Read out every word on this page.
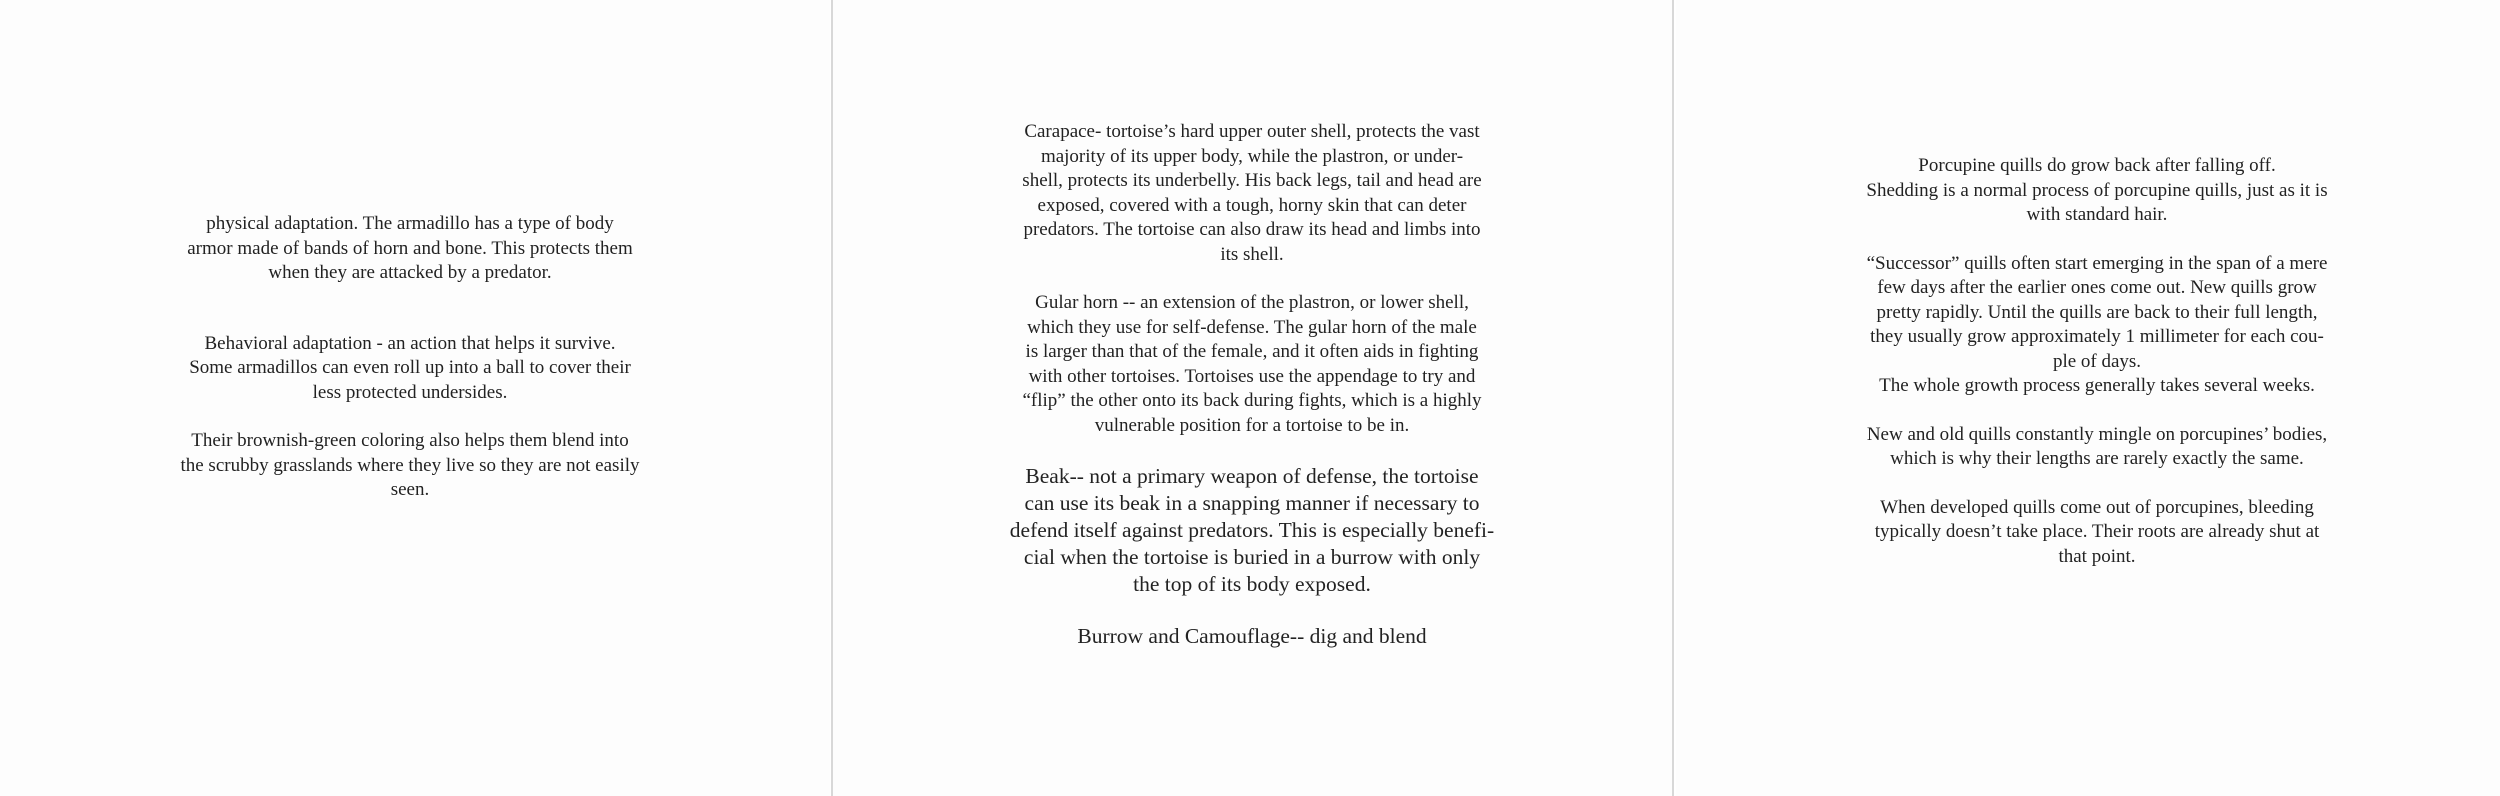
physical adaptation. The armadillo has a type of body
armor made of bands of horn and bone. This protects them
when they are attacked by a predator.

Behavioral adaptation - an action that helps it survive.
Some armadillos can even roll up into a ball to cover their
less protected undersides.

Their brownish-green coloring also helps them blend into
the scrubby grasslands where they live so they are not easily
seen.

Carapace- tortoise’s hard upper outer shell, protects the vast
majority of its upper body, while the plastron, or under-
shell, protects its underbelly. His back legs, tail and head are
exposed, covered with a tough, horny skin that can deter
predators. The tortoise can also draw its head and limbs into
its shell.

Gular horn -- an extension of the plastron, or lower shell,
which they use for self-defense. The gular horn of the male
is larger than that of the female, and it often aids in fighting
with other tortoises. Tortoises use the appendage to try and
“flip” the other onto its back during fights, which is a highly
vulnerable position for a tortoise to be in.

Beak-- not a primary weapon of defense, the tortoise
can use its beak in a snapping manner if necessary to
defend itself against predators. This is especially benefi-
cial when the tortoise is buried in a burrow with only
the top of its body exposed.

Burrow and Camouflage-- dig and blend

Porcupine quills do grow back after falling off.
Shedding is a normal process of porcupine quills, just as it is
with standard hair.

“Successor” quills often start emerging in the span of a mere
few days after the earlier ones come out. New quills grow
pretty rapidly. Until the quills are back to their full length,
they usually grow approximately 1 millimeter for each cou-
ple of days.
The whole growth process generally takes several weeks.

New and old quills constantly mingle on porcupines’ bodies,
which is why their lengths are rarely exactly the same.

When developed quills come out of porcupines, bleeding
typically doesn’t take place. Their roots are already shut at
that point.
